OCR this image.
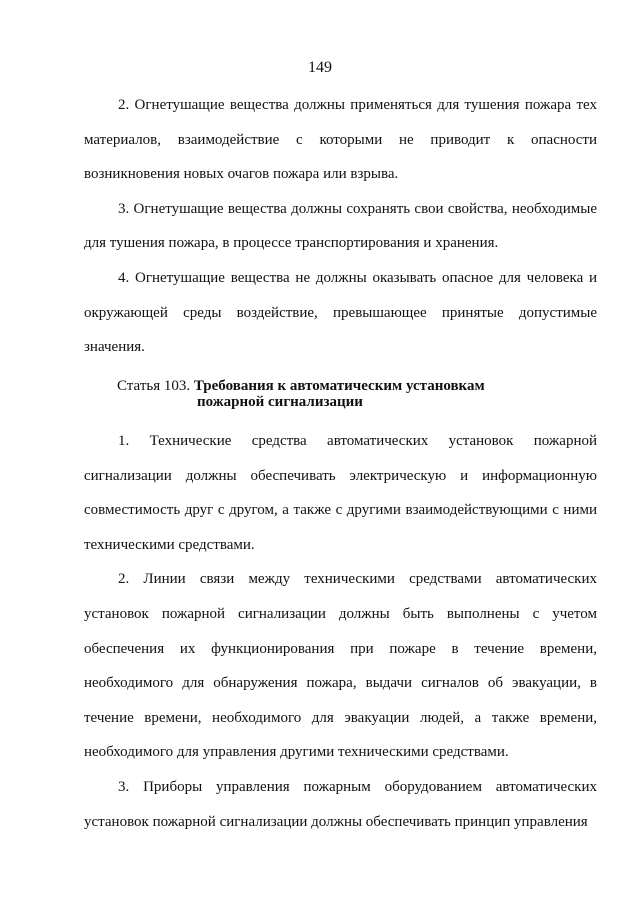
149

2. Огнетушащие вещества должны применяться для тушения пожара тех материалов, взаимодействие с которыми не приводит к опасности возникновения новых очагов пожара или взрыва.

3. Огнетушащие вещества должны сохранять свои свойства, необходимые для тушения пожара, в процессе транспортирования и хранения.

4. Огнетушащие вещества не должны оказывать опасное для человека и окружающей среды воздействие, превышающее принятые допустимые значения.

Статья 103. Требования к автоматическим установкам
пожарной сигнализации

1. Технические средства автоматических установок пожарной сигнализации должны обеспечивать электрическую и информационную совместимость друг с другом, а также с другими взаимодействующими с ними техническими средствами.

2. Линии связи между техническими средствами автоматических установок пожарной сигнализации должны быть выполнены с учетом обеспечения их функционирования при пожаре в течение времени, необходимого для обнаружения пожара, выдачи сигналов об эвакуации, в течение времени, необходимого для эвакуации людей, а также времени, необходимого для управления другими техническими средствами.

3. Приборы управления пожарным оборудованием автоматических установок пожарной сигнализации должны обеспечивать принцип управления
